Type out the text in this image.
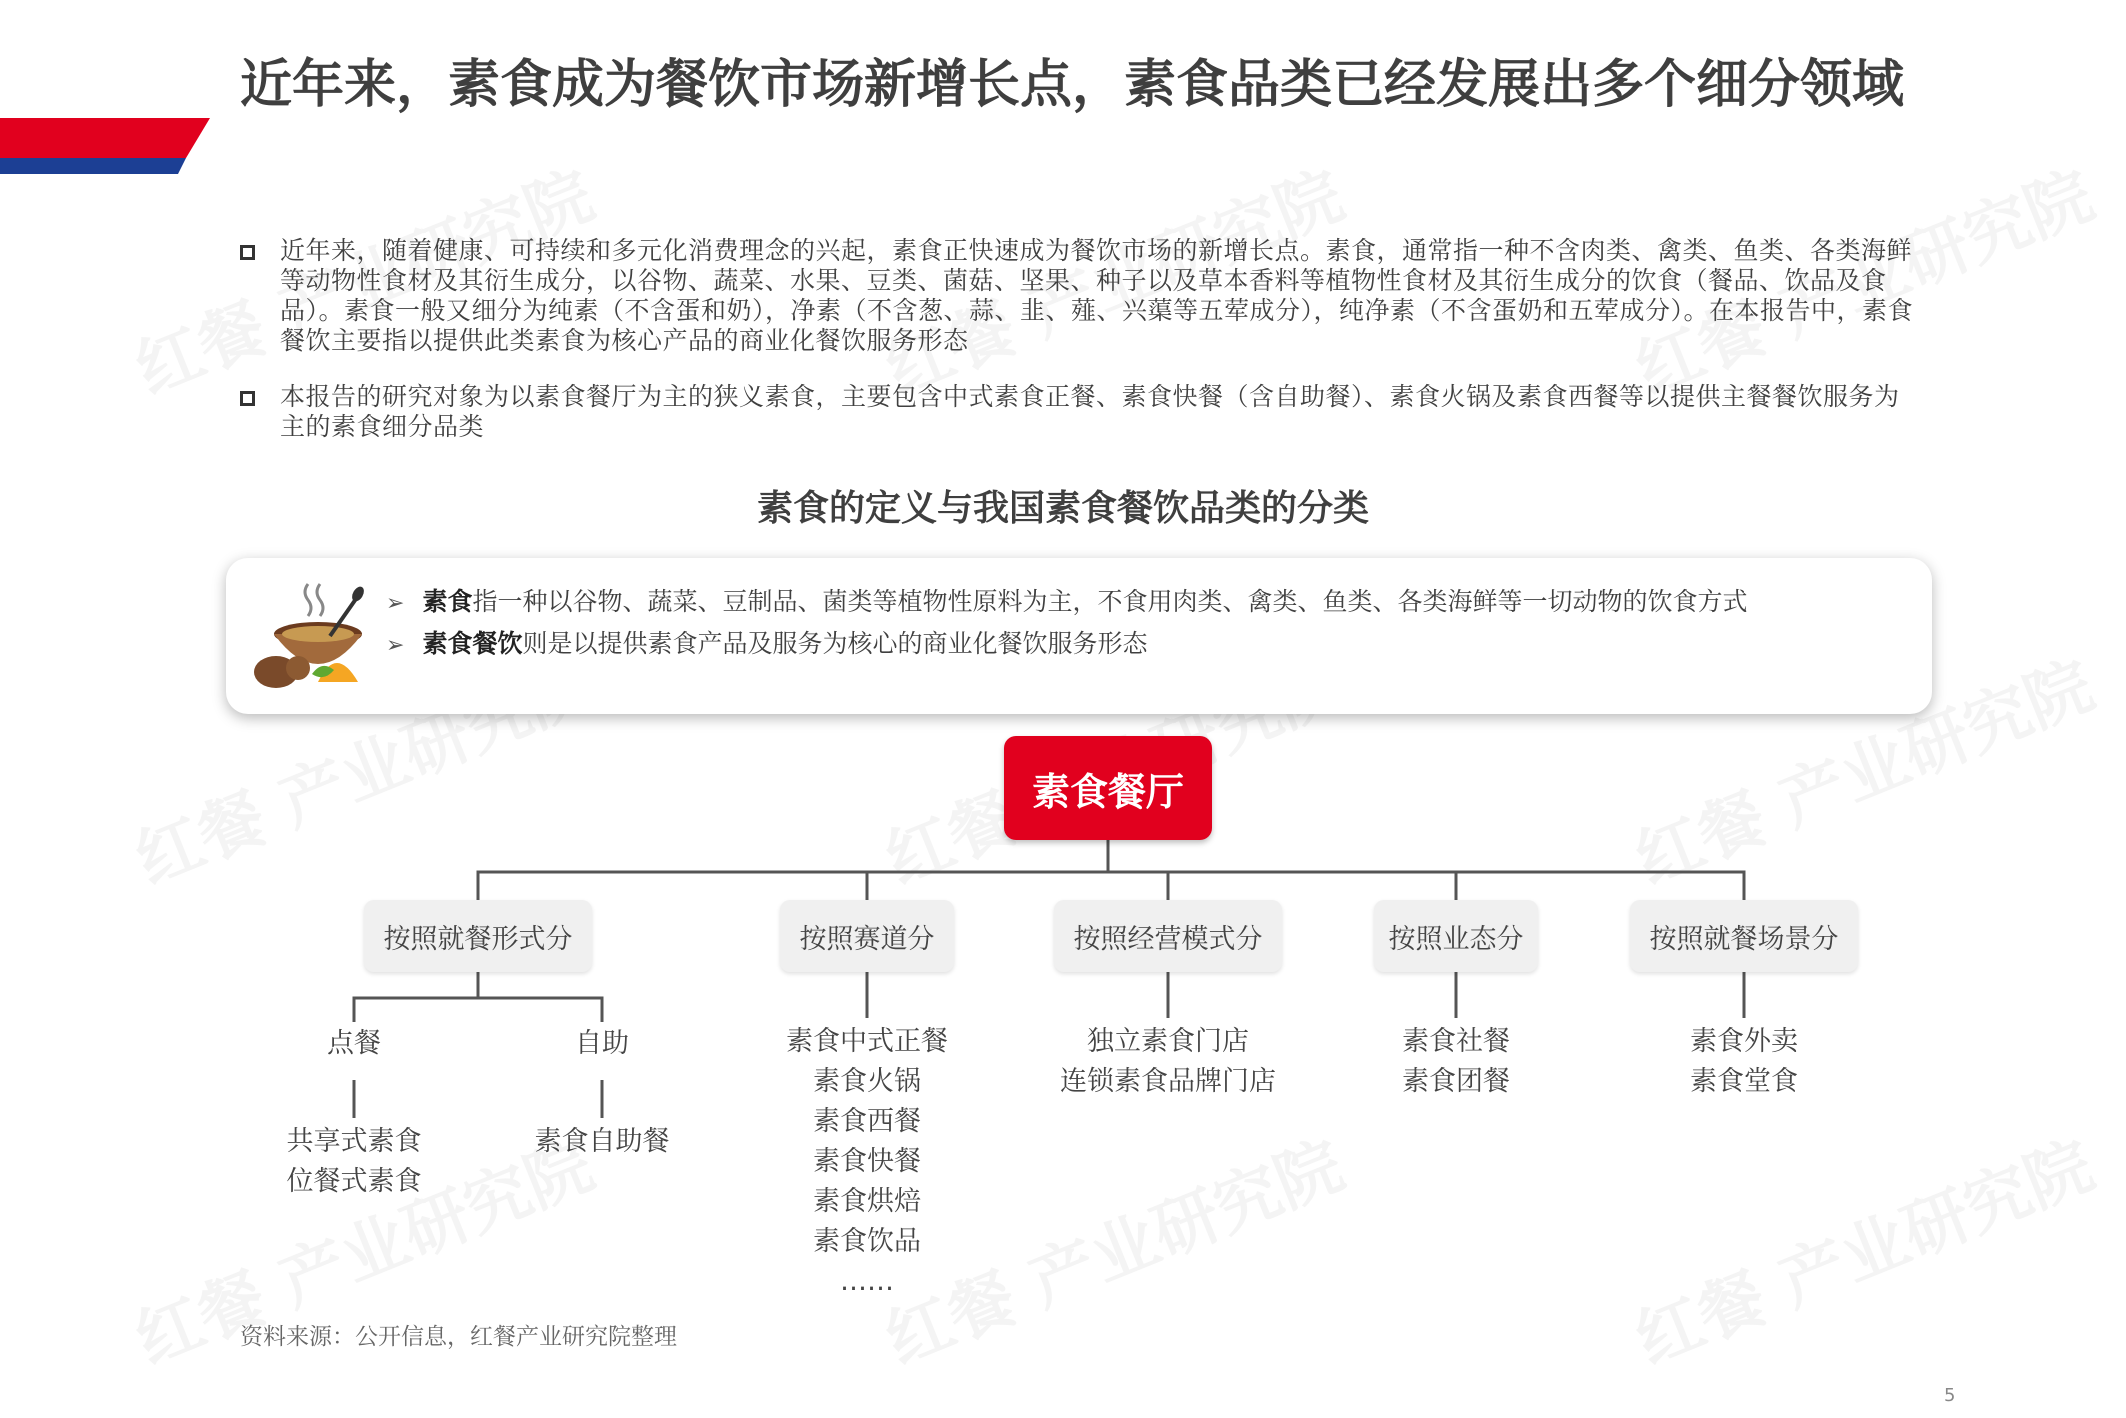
近年来，素食成为餐饮市场新增长点，素食品类已经发展出多个细分领域
近年来，随着健康、可持续和多元化消费理念的兴起，素食正快速成为餐饮市场的新增长点。素食，通常指一种不含肉类、禽类、鱼类、各类海鲜等动物性食材及其衍生成分，以谷物、蔬菜、水果、豆类、菌菇、坚果、种子以及草本香料等植物性食材及其衍生成分的饮食（餐品、饮品及食品）。素食一般又细分为纯素（不含蛋和奶），净素（不含葱、蒜、韭、薤、兴蕖等五荤成分），纯净素（不含蛋奶和五荤成分）。在本报告中，素食餐饮主要指以提供此类素食为核心产品的商业化餐饮服务形态
本报告的研究对象为以素食餐厅为主的狭义素食，主要包含中式素食正餐、素食快餐（含自助餐）、素食火锅及素食西餐等以提供主餐餐饮服务为主的素食细分品类
素食的定义与我国素食餐饮品类的分类
➢ 素食指一种以谷物、蔬菜、豆制品、菌类等植物性原料为主，不食用肉类、禽类、鱼类、各类海鲜等一切动物的饮食方式
➢ 素食餐饮则是以提供素食产品及服务为核心的商业化餐饮服务形态
素食餐厅
按照就餐形式分	按照赛道分	按照经营模式分	按照业态分	按照就餐场景分
点餐	自助
共享式素食
位餐式素食
素食自助餐
素食中式正餐
素食火锅
素食西餐
素食快餐
素食烘焙
素食饮品
……
独立素食门店
连锁素食品牌门店
素食社餐
素食团餐
素食外卖
素食堂食
资料来源：公开信息，红餐产业研究院整理
5
